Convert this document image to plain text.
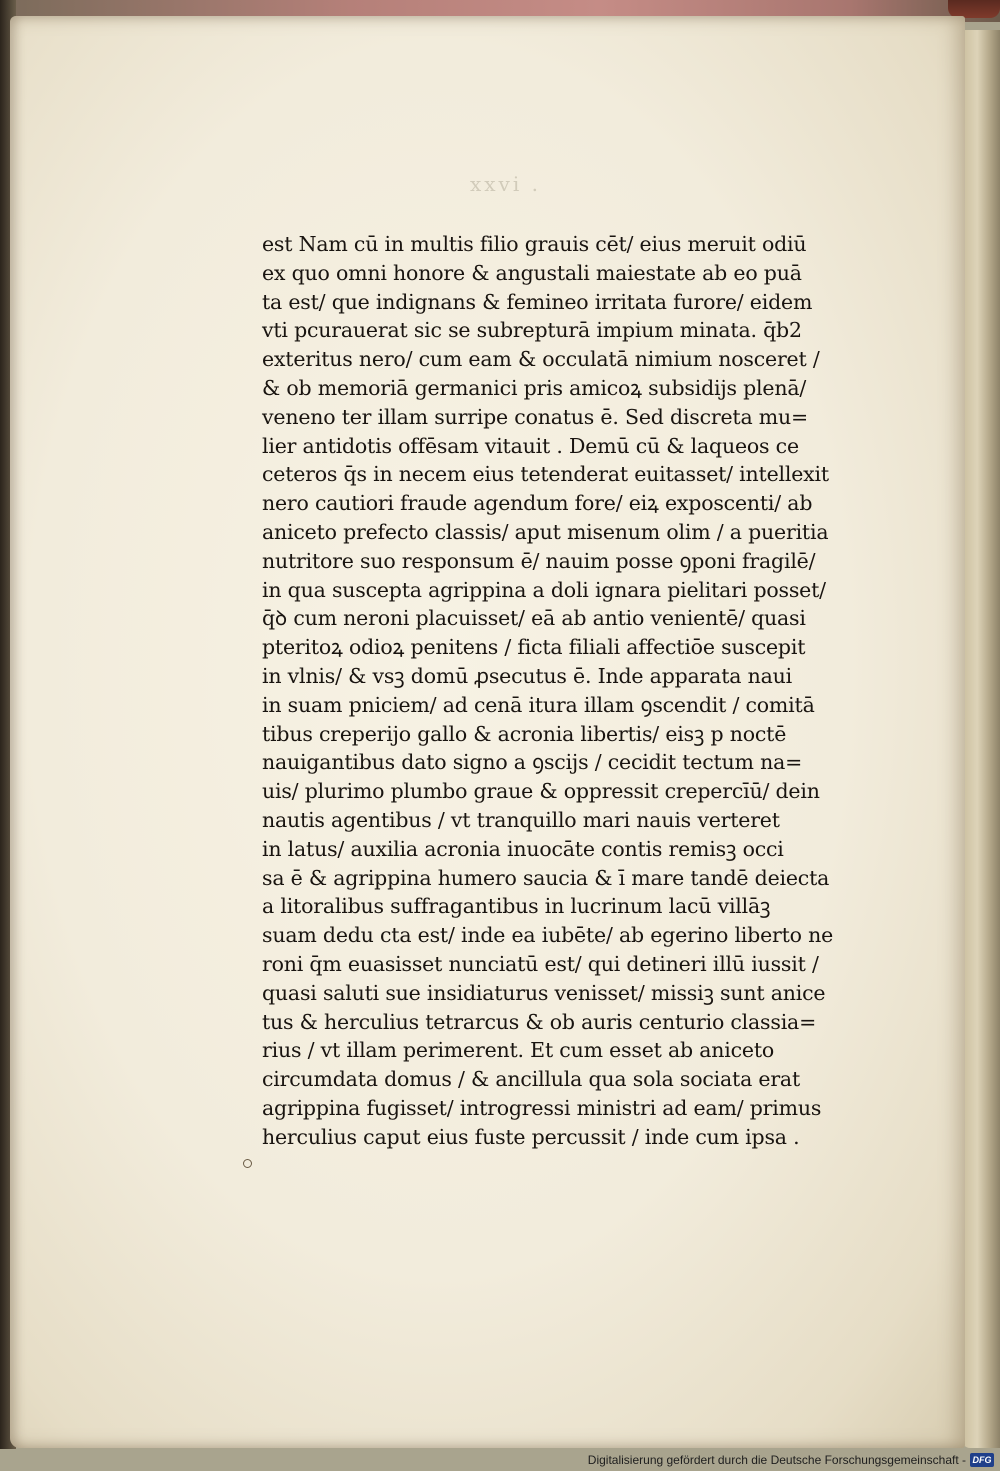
xxvi .
est Nam cū in multis filio grauis cēt/ eius meruit odiū
ex quo omni honore & angustali maiestate ab eo puā
ta est/ que indignans & femineo irritata furore/ eidem
vti pcurauerat sic se subrepturā impium minata. q̄b2
exteritus nero/ cum eam & occulatā nimium nosceret /
& ob memoriā germanici pris amicoꝝ subsidijs plenā/
veneno ter illam surripe conatus ē. Sed discreta mu=
lier antidotis offēsam vitauit . Demū cū & laqueos ce
ceteros q̄s in necem eius tetenderat euitasset/ intellexit
nero cautiori fraude agendum fore/ eiꝝ exposcenti/ ab
aniceto prefecto classis/ aput misenum olim / a pueritia
nutritore suo responsum ē/ nauim posse ꝯponi fragilē/
in qua suscepta agrippina a doli ignara pielitari posset/
q̄ꝺ cum neroni placuisset/ eā ab antio venientē/ quasi
pteritoꝝ odioꝝ penitens / ficta filiali affectiōe suscepit
in vlnis/ & vsꝫ domū ꝓsecutus ē. Inde apparata naui
in suam pniciem/ ad cenā itura illam ꝯscendit / comitā
tibus creperijo gallo & acronia libertis/ eisꝫ p noctē
nauigantibus dato signo a ꝯscijs / cecidit tectum na=
uis/ plurimo plumbo graue & oppressit crepercīū/ dein
nautis agentibus / vt tranquillo mari nauis verteret
in latus/ auxilia acronia inuocāte contis remisꝫ occi
sa ē & agrippina humero saucia & ī mare tandē deiecta
a litoralibus suffragantibus in lucrinum lacū villāꝫ
suam dedu cta est/ inde ea iubēte/ ab egerino liberto ne
roni q̄m euasisset nunciatū est/ qui detineri illū iussit /
quasi saluti sue insidiaturus venisset/ missiꝫ sunt anice
tus & herculius tetrarcus & ob auris centurio classia=
rius / vt illam perimerent. Et cum esset ab aniceto
circumdata domus / & ancillula qua sola sociata erat
agrippina fugisset/ introgressi ministri ad eam/ primus
herculius caput eius fuste percussit / inde cum ipsa .
Digitalisierung gefördert durch die Deutsche Forschungsgemeinschaft - DFG
